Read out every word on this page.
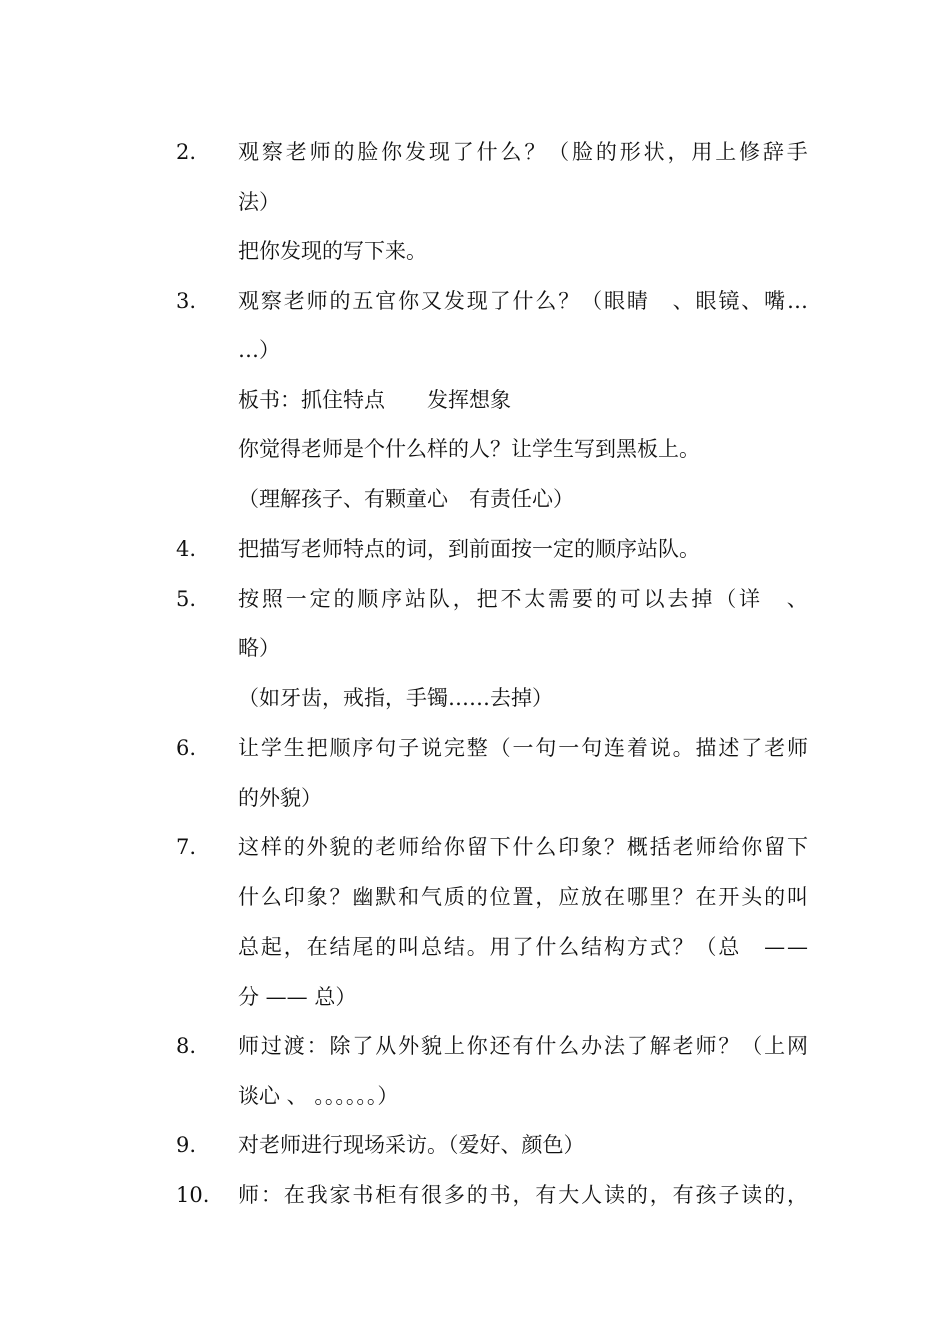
2.	观 察 老 师 的 脸 你 发 现 了 什 么 ？ （ 脸 的 形 状 ， 用 上 修 辞 手
法）
把你发现的写下来。
3.	观 察 老 师 的 五 官 你 又 发 现 了 什 么 ？ （ 眼 睛
　 、 眼 镜 、 嘴 …
…）
板书：抓住特点　　发挥想象
你觉得老师是个什么样的人？让学生写到黑板上。
（理解孩子、有颗童心　有责任心）
4.	把描写老师特点的词，到前面按一定的顺序站队。
5.	按 照 一 定 的 顺 序 站 队 ， 把 不 太 需 要 的 可 以 去 掉 （ 详
　 、
略）
（如牙齿，戒指，手镯……去掉）
6.	让 学 生 把 顺 序 句 子 说 完 整 （ 一 句 一 句 连 着 说 。 描 述 了 老 师
的外貌）
7.	这 样 的 外 貌 的 老 师 给 你 留 下 什 么 印 象 ？ 概 括 老 师 给 你 留 下
什 么 印 象 ？ 幽 默 和 气 质 的 位 置 ， 应 放 在 哪 里 ？ 在 开 头 的 叫
总 起 ， 在 结 尾 的 叫 总 结 。 用 了 什 么 结 构 方 式 ？ （ 总
　 — —
分 —— 总）
8.	师 过 渡 ： 除 了 从 外 貌 上 你 还 有 什 么 办 法 了 解 老 师 ？ （ 上 网
谈心 、 。。。。。。）
9.	对老师进行现场采访。（爱好、颜色）
10.	师 ： 在 我 家 书 柜 有 很 多 的 书 ， 有 大 人 读 的 ， 有 孩 子 读 的 ，
